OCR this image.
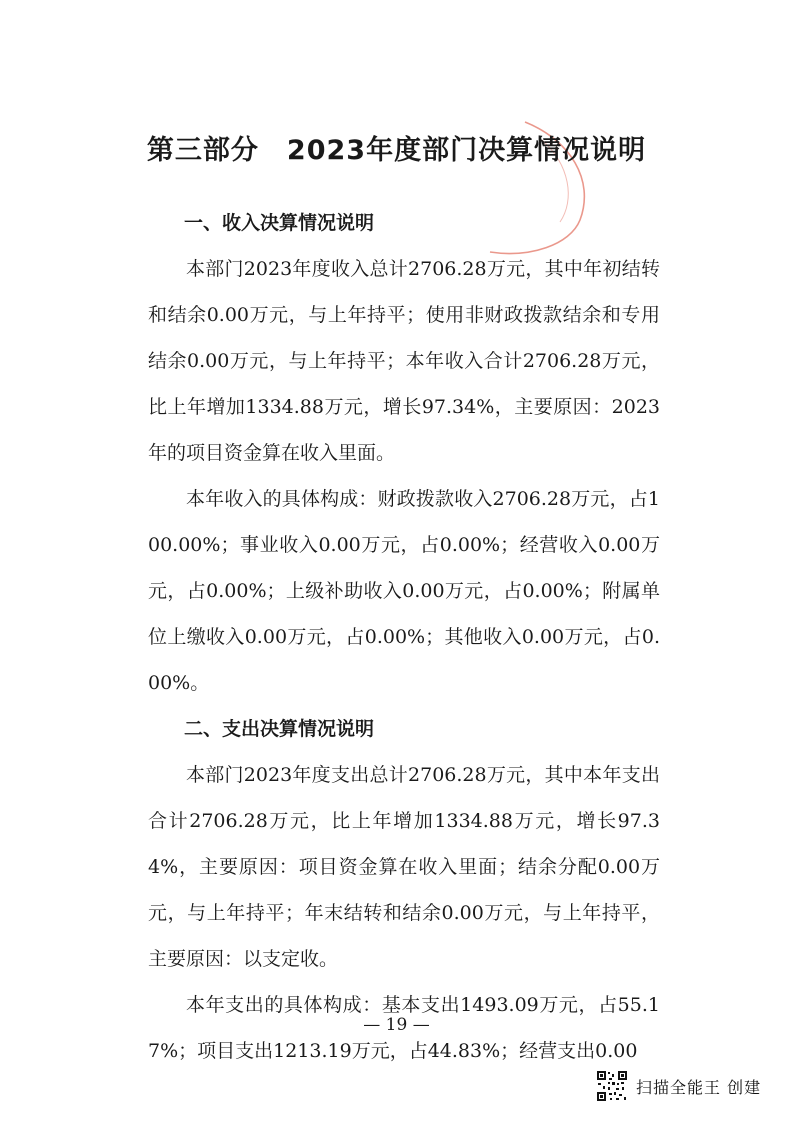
第三部分　2023年度部门决算情况说明

一、收入决算情况说明

本部门2023年度收入总计2706.28万元，其中年初结转和结余0.00万元，与上年持平；使用非财政拨款结余和专用结余0.00万元，与上年持平；本年收入合计2706.28万元，比上年增加1334.88万元，增长97.34%，主要原因：2023年的项目资金算在收入里面。

本年收入的具体构成：财政拨款收入2706.28万元，占100.00%；事业收入0.00万元，占0.00%；经营收入0.00万元，占0.00%；上级补助收入0.00万元，占0.00%；附属单位上缴收入0.00万元，占0.00%；其他收入0.00万元，占0.00%。

二、支出决算情况说明

本部门2023年度支出总计2706.28万元，其中本年支出合计2706.28万元，比上年增加1334.88万元，增长97.34%，主要原因：项目资金算在收入里面；结余分配0.00万元，与上年持平；年末结转和结余0.00万元，与上年持平，主要原因：以支定收。

本年支出的具体构成：基本支出1493.09万元，占55.17%；项目支出1213.19万元，占44.83%；经营支出0.00

— 19 —
扫描全能王 创建
